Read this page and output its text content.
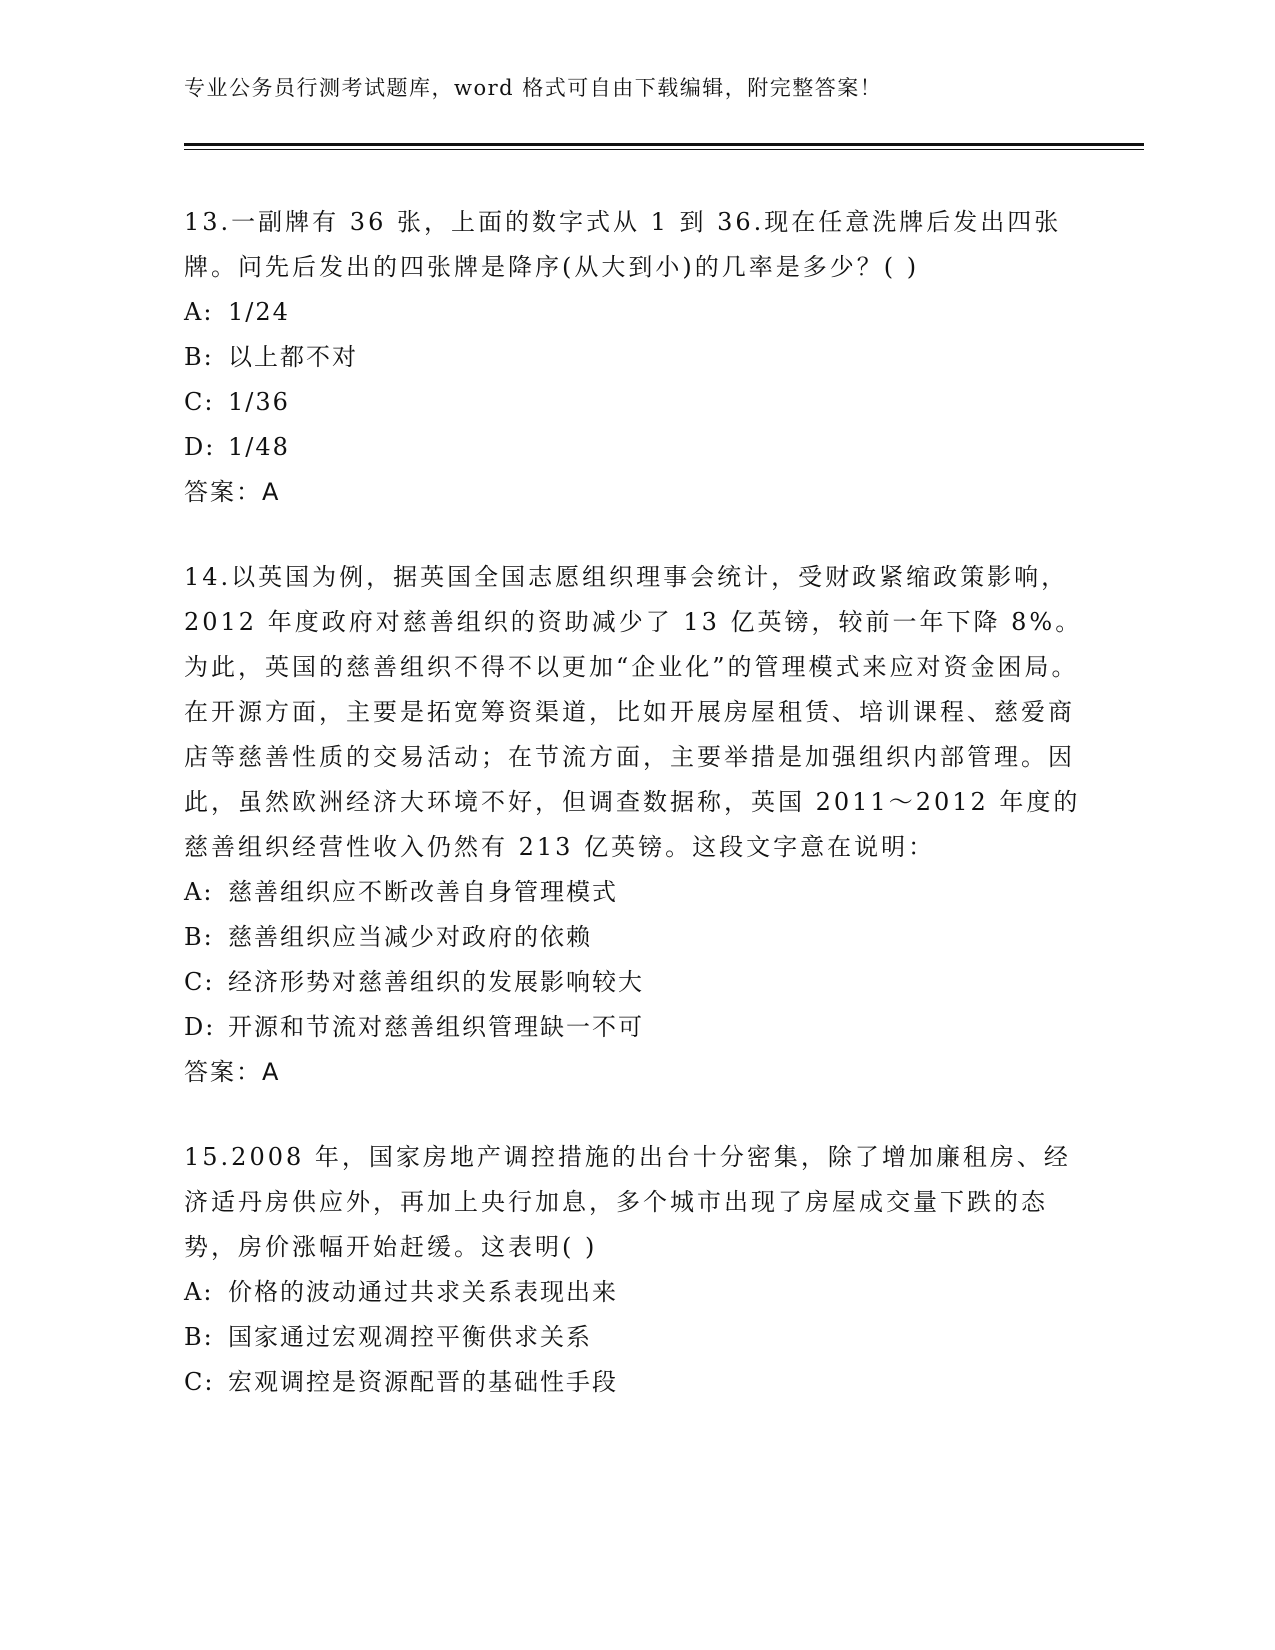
专业公务员行测考试题库，word 格式可自由下载编辑，附完整答案！

13.一副牌有 36 张，上面的数字式从 1 到 36.现在任意洗牌后发出四张牌。问先后发出的四张牌是降序(从大到小)的几率是多少？( )

A: 1/24
B: 以上都不对
C: 1/36
D: 1/48
答案：A

14.以英国为例，据英国全国志愿组织理事会统计，受财政紧缩政策影响，2012 年度政府对慈善组织的资助减少了 13 亿英镑，较前一年下降 8%。为此，英国的慈善组织不得不以更加“企业化”的管理模式来应对资金困局。在开源方面，主要是拓宽筹资渠道，比如开展房屋租赁、培训课程、慈爱商店等慈善性质的交易活动；在节流方面，主要举措是加强组织内部管理。因此，虽然欧洲经济大环境不好，但调查数据称，英国 2011～2012 年度的慈善组织经营性收入仍然有 213 亿英镑。这段文字意在说明：

A: 慈善组织应不断改善自身管理模式
B: 慈善组织应当减少对政府的依赖
C: 经济形势对慈善组织的发展影响较大
D: 开源和节流对慈善组织管理缺一不可
答案：A

15.2008 年，国家房地产调控措施的出台十分密集，除了增加廉租房、经济适丹房供应外，再加上央行加息，多个城市出现了房屋成交量下跌的态势，房价涨幅开始赶缓。这表明( )

A: 价格的波动通过共求关系表现出来
B: 国家通过宏观凋控平衡供求关系
C: 宏观调控是资源配晋的基础性手段
